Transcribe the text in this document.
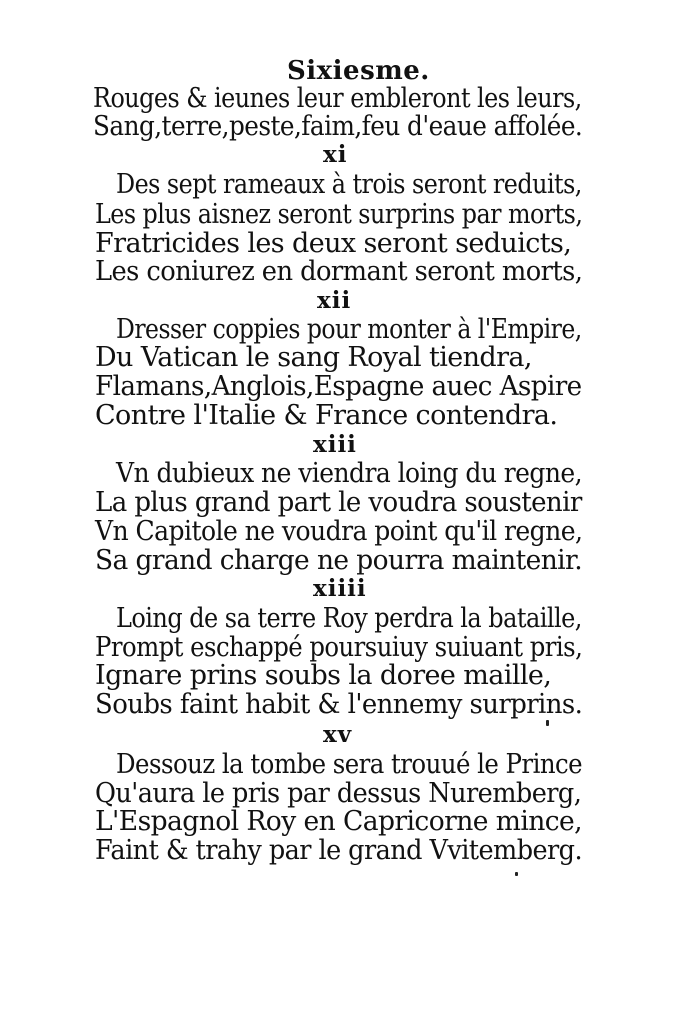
Sixiesme.
Rouges & ieunes leur embleront les leurs,
Sang,terre,peste,faim,feu d'eaue affolée.
xi
Des sept rameaux à trois seront reduits,
Les plus aisnez seront surprins par morts,
Fratricides les deux seront seduicts,
Les coniurez en dormant seront morts,
xii
Dresser coppies pour monter à l'Empire,
Du Vatican le sang Royal tiendra,
Flamans,Anglois,Espagne auec Aspire
Contre l'Italie & France contendra.
xiii
Vn dubieux ne viendra loing du regne,
La plus grand part le voudra soustenir
Vn Capitole ne voudra point qu'il regne,
Sa grand charge ne pourra maintenir.
xiiii
Loing de sa terre Roy perdra la bataille,
Prompt eschappé poursuiuy suiuant pris,
Ignare prins soubs la doree maille,
Soubs faint habit & l'ennemy surprins.
xv
Dessouz la tombe sera trouué le Prince
Qu'aura le pris par dessus Nuremberg,
L'Espagnol Roy en Capricorne mince,
Faint & trahy par le grand Vvitemberg.
